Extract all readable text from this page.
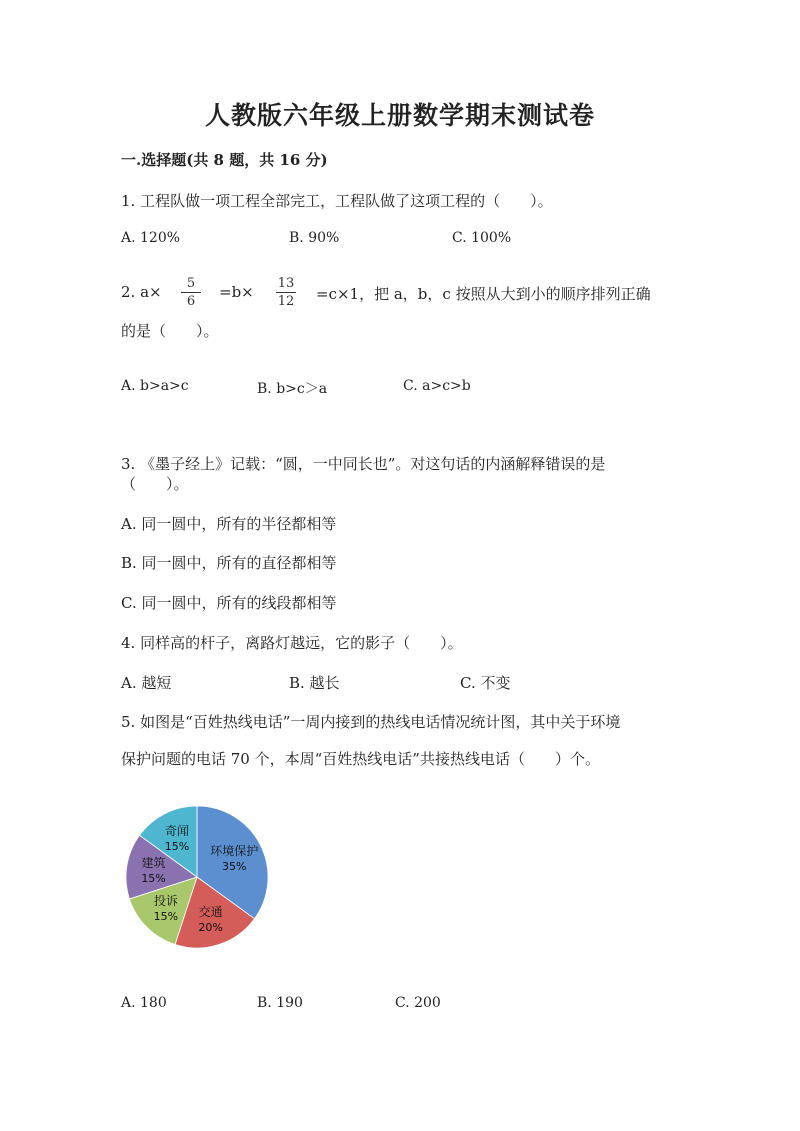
人教版六年级上册数学期末测试卷
一.选择题(共 8 题，共 16 分)
1. 工程队做一项工程全部完工，工程队做了这项工程的（　　）。
A. 120%	B. 90%	C. 100%
2. a×	5
6
=b×	13
12	=c×1，把 a，b，c 按照从大到小的顺序排列正确
的是（　　）。
A. b>a>c	B. b>c＞a	C. a>c>b
3. 《墨子经上》记载：“圆，一中同长也”。对这句话的内涵解释错误的是
（　　）。
A. 同一圆中，所有的半径都相等
B. 同一圆中，所有的直径都相等
C. 同一圆中，所有的线段都相等
4. 同样高的杆子，离路灯越远，它的影子（　　）。
A. 越短	B. 越长	C. 不变
5. 如图是“百姓热线电话”一周内接到的热线电话情况统计图，其中关于环境
保护问题的电话 70 个，本周“百姓热线电话”共接热线电话（　　）个。
环境保护
35%
交通
20%
投诉
15%
建筑
15%
奇闻
15%
A. 180	B. 190	C. 200
